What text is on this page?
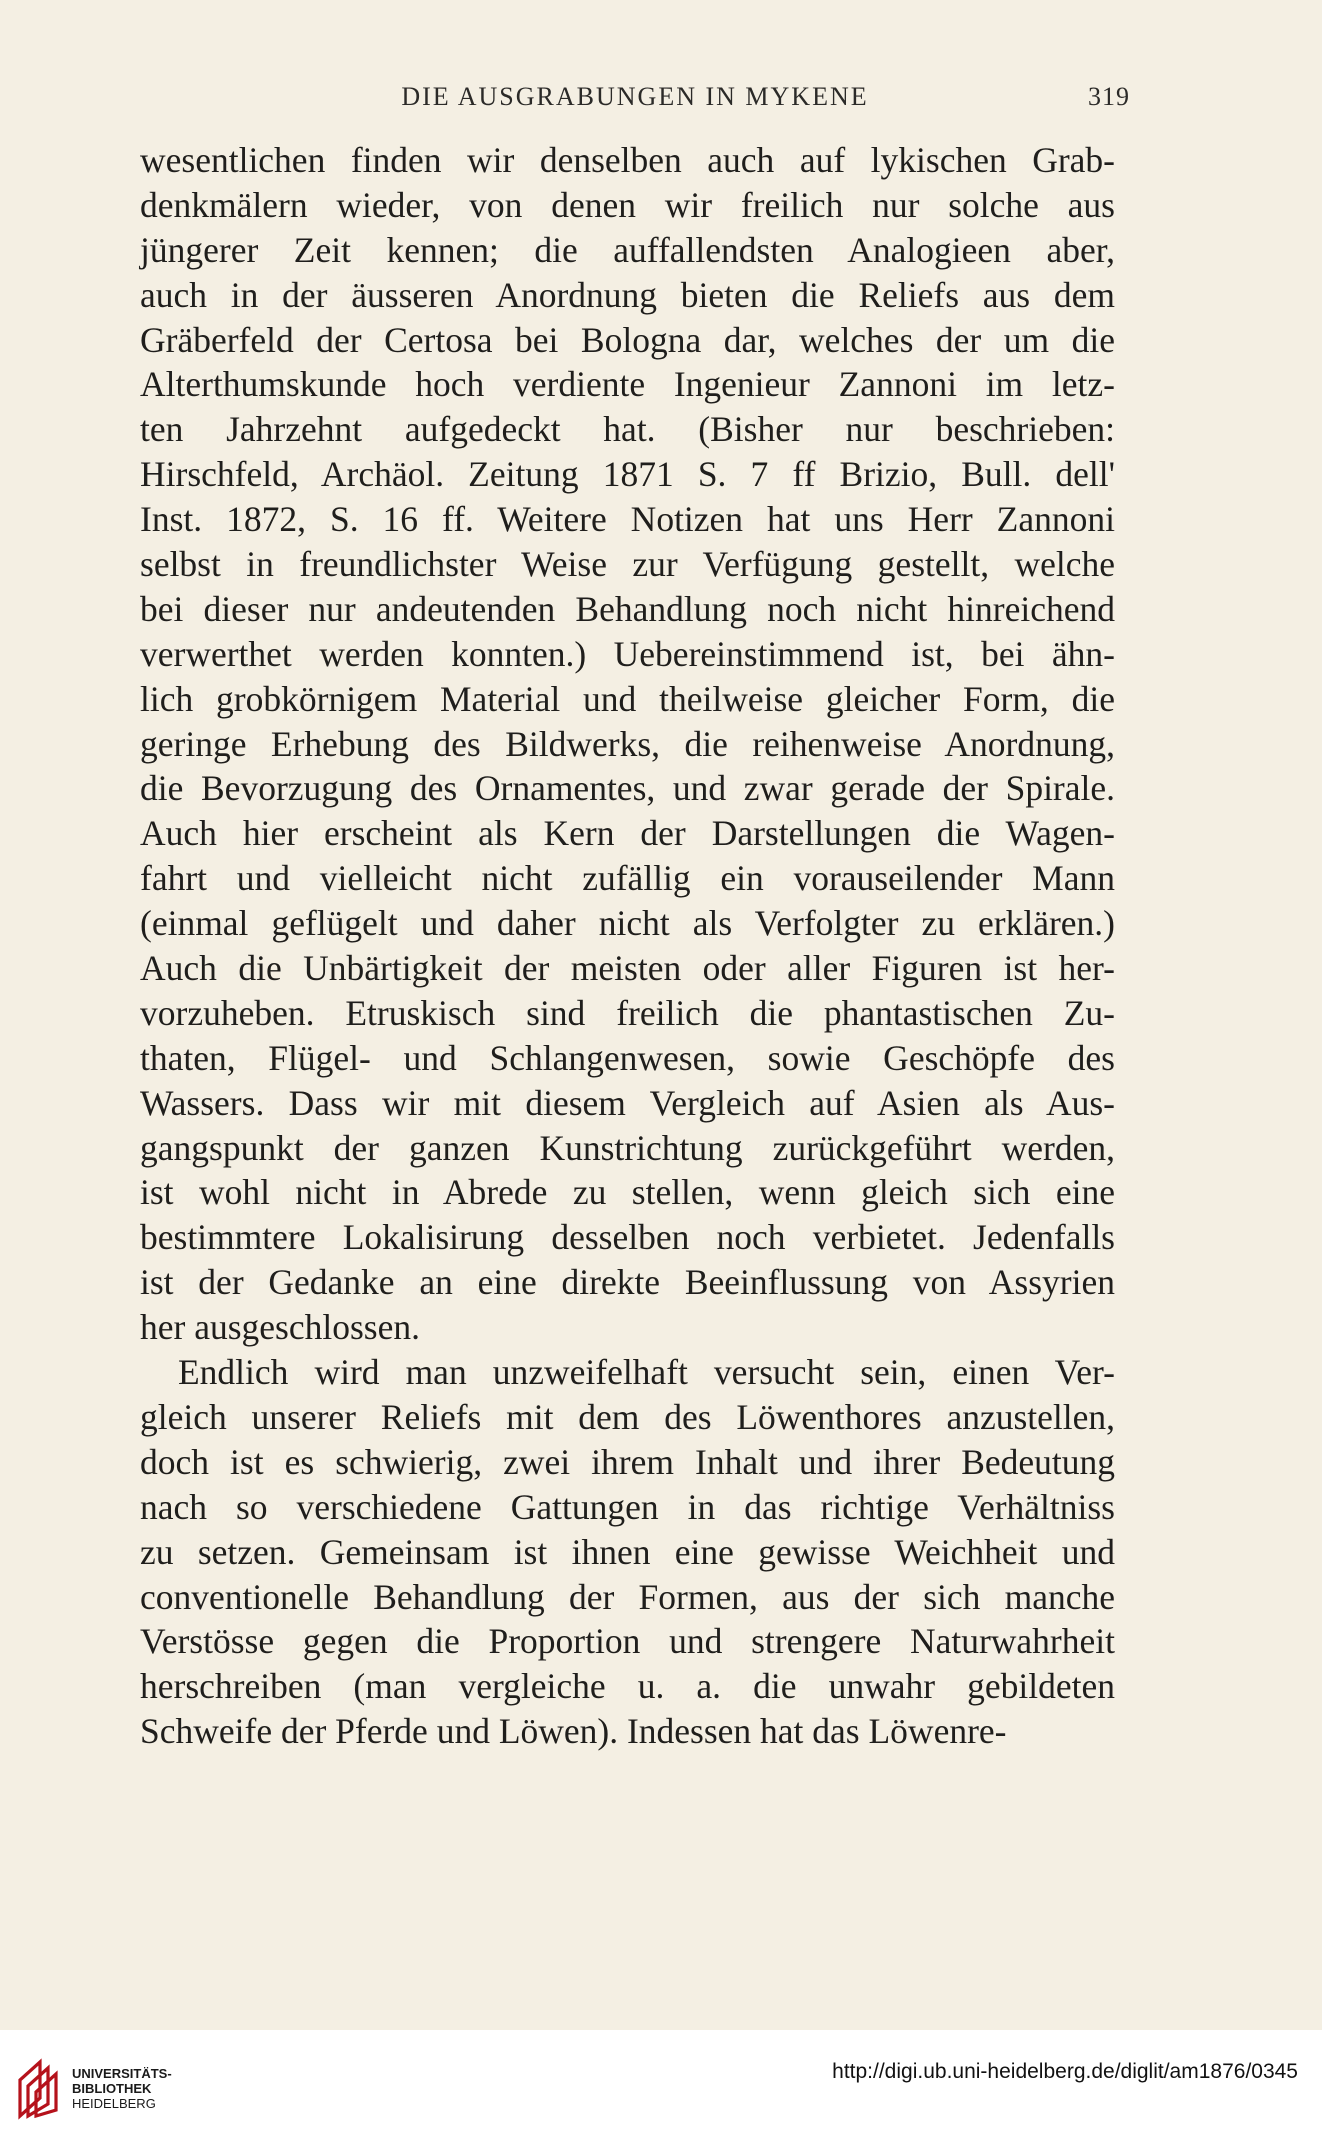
DIE AUSGRABUNGEN IN MYKENE	319
wesentlichen finden wir denselben auch auf lykischen Grab-
denkmälern wieder, von denen wir freilich nur solche aus
jüngerer Zeit kennen; die auffallendsten Analogieen aber,
auch in der äusseren Anordnung bieten die Reliefs aus dem
Gräberfeld der Certosa bei Bologna dar, welches der um die
Alterthumskunde hoch verdiente Ingenieur Zannoni im letz-
ten Jahrzehnt aufgedeckt hat. (Bisher nur beschrieben:
Hirschfeld, Archäol. Zeitung 1871 S. 7 ff Brizio, Bull. dell'
Inst. 1872, S. 16 ff. Weitere Notizen hat uns Herr Zannoni
selbst in freundlichster Weise zur Verfügung gestellt, welche
bei dieser nur andeutenden Behandlung noch nicht hinreichend
verwerthet werden konnten.) Uebereinstimmend ist, bei ähn-
lich grobkörnigem Material und theilweise gleicher Form, die
geringe Erhebung des Bildwerks, die reihenweise Anordnung,
die Bevorzugung des Ornamentes, und zwar gerade der Spirale.
Auch hier erscheint als Kern der Darstellungen die Wagen-
fahrt und vielleicht nicht zufällig ein vorauseilender Mann
(einmal geflügelt und daher nicht als Verfolgter zu erklären.)
Auch die Unbärtigkeit der meisten oder aller Figuren ist her-
vorzuheben. Etruskisch sind freilich die phantastischen Zu-
thaten, Flügel- und Schlangenwesen, sowie Geschöpfe des
Wassers. Dass wir mit diesem Vergleich auf Asien als Aus-
gangspunkt der ganzen Kunstrichtung zurückgeführt werden,
ist wohl nicht in Abrede zu stellen, wenn gleich sich eine
bestimmtere Lokalisirung desselben noch verbietet. Jedenfalls
ist der Gedanke an eine direkte Beeinflussung von Assyrien
her ausgeschlossen.
Endlich wird man unzweifelhaft versucht sein, einen Ver-
gleich unserer Reliefs mit dem des Löwenthores anzustellen,
doch ist es schwierig, zwei ihrem Inhalt und ihrer Bedeutung
nach so verschiedene Gattungen in das richtige Verhältniss
zu setzen. Gemeinsam ist ihnen eine gewisse Weichheit und
conventionelle Behandlung der Formen, aus der sich manche
Verstösse gegen die Proportion und strengere Naturwahrheit
herschreiben (man vergleiche u. a. die unwahr gebildeten
Schweife der Pferde und Löwen). Indessen hat das Löwenre-
UNIVERSITÄTS-
BIBLIOTHEK
HEIDELBERG
http://digi.ub.uni-heidelberg.de/diglit/am1876/0345
